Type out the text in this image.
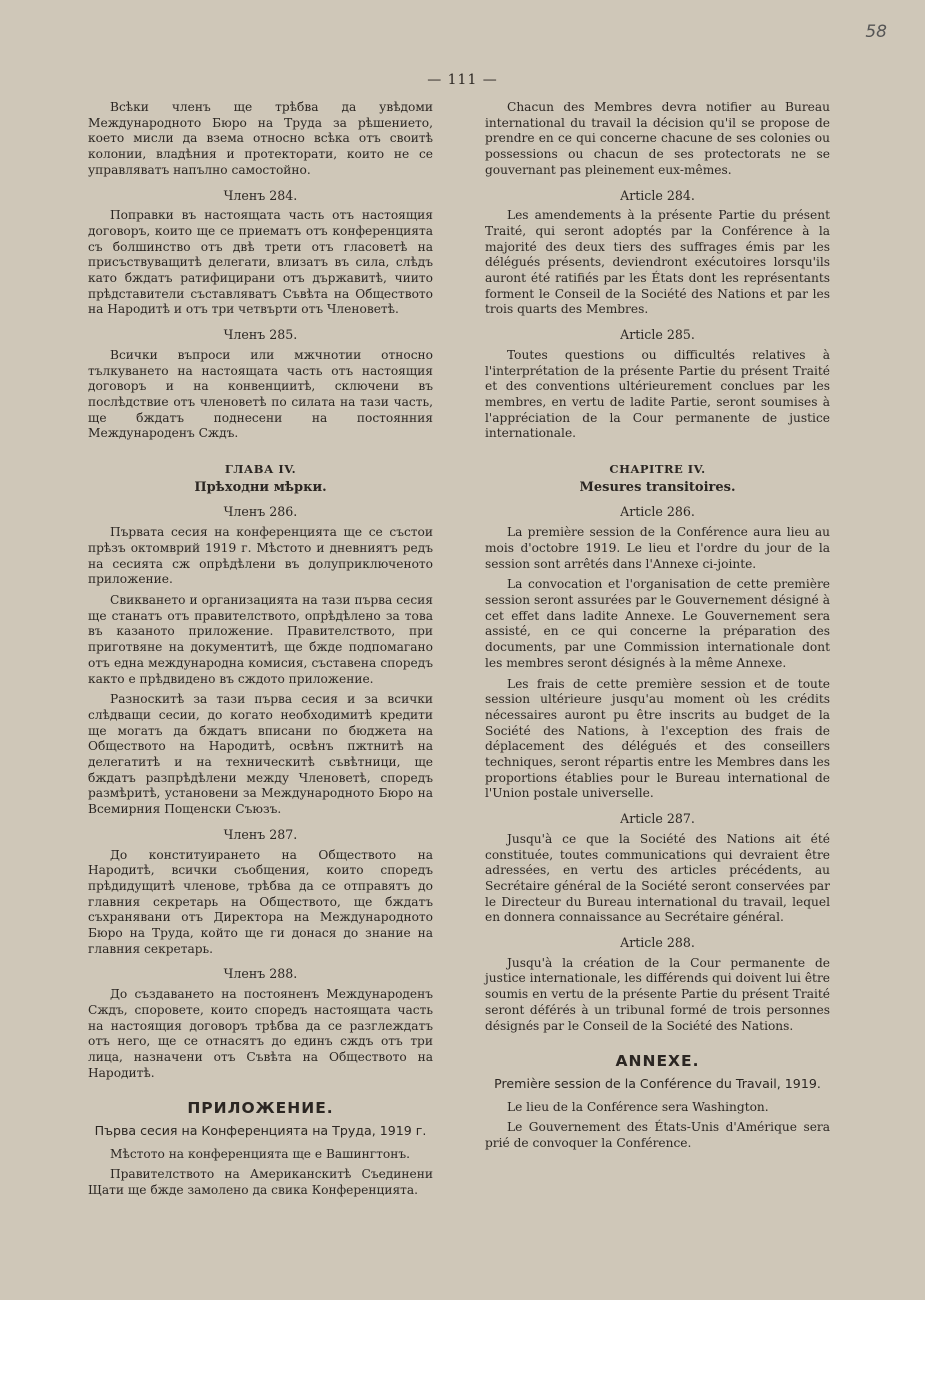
58
— 111 —

Всѣки членъ ще трѣбва да увѣдоми Международното Бюро на Труда за рѣшението, което мисли да взема относно всѣка отъ своитѣ колонии, владѣния и протекторати, които не се управляватъ напълно самостойно.

Членъ 284.

Поправки въ настоящата часть отъ настоящия договоръ, които ще се приематъ отъ конференцията съ болшинство отъ двѣ трети отъ гласоветѣ на присъствуващитѣ делегати, влизатъ въ сила, слѣдъ като бждатъ ратифицирани отъ държавитѣ, чиито прѣдставители съставляватъ Съвѣта на Обществото на Народитѣ и отъ три четвърти отъ Членоветѣ.

Членъ 285.

Всички въпроси или мжчнотии относно тълкуването на настоящата часть отъ настоящия договоръ и на конвенциитѣ, сключени въ послѣдствие отъ членоветѣ по силата на тази часть, ще бждатъ поднесени на постоянния Международенъ Сждъ.

ГЛАВА IV.
Прѣходни мѣрки.
Членъ 286.

Първата сесия на конференцията ще се състои прѣзъ октомврий 1919 г. Мѣстото и дневниятъ редъ на сесията сж опрѣдѣлени въ долуприключеното приложение.

Свикването и организацията на тази първа сесия ще станатъ отъ правителството, опрѣдѣлено за това въ казаното приложение. Правителството, при приготвяне на документитѣ, ще бжде подпомагано отъ една международна комисия, съставена споредъ както е прѣдвидено въ сждото приложение.

Разноскитѣ за тази първа сесия и за всички слѣдващи сесии, до когато необходимитѣ кредити ще могатъ да бждатъ вписани по бюджета на Обществото на Народитѣ, освѣнъ пжтнитѣ на делегатитѣ и на техническитѣ съвѣтници, ще бждатъ разпрѣдѣлени между Членоветѣ, споредъ размѣритѣ, установени за Международното Бюро на Всемирния Пощенски Съюзъ.

Членъ 287.

До конституирането на Обществото на Народитѣ, всички съобщения, които споредъ прѣдидущитѣ членове, трѣбва да се отправятъ до главния секретарь на Обществото, ще бждатъ съхранявани отъ Директора на Международното Бюро на Труда, който ще ги донася до знание на главния секретарь.

Членъ 288.

До създаването на постояненъ Международенъ Сждъ, споровете, които споредъ настоящата часть на настоящия договоръ трѣбва да се разглеждатъ отъ него, ще се отнасятъ до единъ сждъ отъ три лица, назначени отъ Съвѣта на Обществото на Народитѣ.

ПРИЛОЖЕНИЕ.
Първа сесия на Конференцията на Труда, 1919 г.

Мѣстото на конференцията ще е Вашингтонъ.

Правителството на Американскитѣ Съединени Щати ще бжде замолено да свика Конференцията.

Chacun des Membres devra notifier au Bureau international du travail la décision qu'il se propose de prendre en ce qui concerne chacune de ses colonies ou possessions ou chacun de ses protectorats ne se gouvernant pas pleinement eux-mêmes.

Article 284.

Les amendements à la présente Partie du présent Traité, qui seront adoptés par la Conférence à la majorité des deux tiers des suffrages émis par les délégués présents, deviendront exécutoires lorsqu'ils auront été ratifiés par les États dont les représentants forment le Conseil de la Société des Nations et par les trois quarts des Membres.

Article 285.

Toutes questions ou difficultés relatives à l'interprétation de la présente Partie du présent Traité et des conventions ultérieurement conclues par les membres, en vertu de ladite Partie, seront soumises à l'appréciation de la Cour permanente de justice internationale.

CHAPITRE IV.
Mesures transitoires.
Article 286.

La première session de la Conférence aura lieu au mois d'octobre 1919. Le lieu et l'ordre du jour de la session sont arrêtés dans l'Annexe ci-jointe.

La convocation et l'organisation de cette première session seront assurées par le Gouvernement désigné à cet effet dans ladite Annexe. Le Gouvernement sera assisté, en ce qui concerne la préparation des documents, par une Commission internationale dont les membres seront désignés à la même Annexe.

Les frais de cette première session et de toute session ultérieure jusqu'au moment où les crédits nécessaires auront pu être inscrits au budget de la Société des Nations, à l'exception des frais de déplacement des délégués et des conseillers techniques, seront répartis entre les Membres dans les proportions établies pour le Bureau international de l'Union postale universelle.

Article 287.

Jusqu'à ce que la Société des Nations ait été constituée, toutes communications qui devraient être adressées, en vertu des articles précédents, au Secrétaire général de la Société seront conservées par le Directeur du Bureau international du travail, lequel en donnera connaissance au Secrétaire général.

Article 288.

Jusqu'à la création de la Cour permanente de justice internationale, les différends qui doivent lui être soumis en vertu de la présente Partie du présent Traité seront déférés à un tribunal formé de trois personnes désignés par le Conseil de la Société des Nations.

ANNEXE.
Première session de la Conférence du Travail, 1919.

Le lieu de la Conférence sera Washington.

Le Gouvernement des États-Unis d'Amérique sera prié de convoquer la Conférence.
